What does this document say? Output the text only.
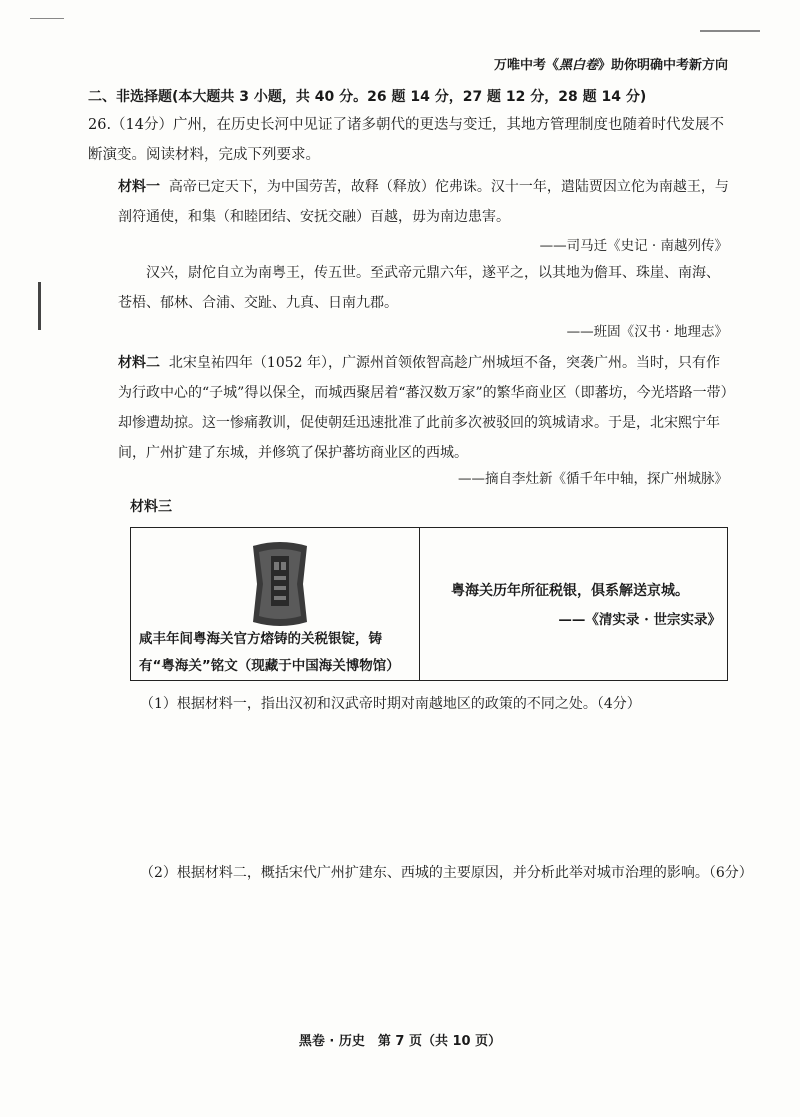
万唯中考《黑白卷》助你明确中考新方向
二、非选择题(本大题共 3 小题，共 40 分。26 题 14 分，27 题 12 分，28 题 14 分)
26.（14分）广州，在历史长河中见证了诸多朝代的更迭与变迁，其地方管理制度也随着时代发展不断演变。阅读材料，完成下列要求。
材料一 高帝已定天下，为中国劳苦，故释（释放）佗弗诛。汉十一年，遣陆贾因立佗为南越王，与剖符通使，和集（和睦团结、安抚交融）百越，毋为南边患害。
——司马迁《史记 · 南越列传》
汉兴，尉佗自立为南粤王，传五世。至武帝元鼎六年，遂平之，以其地为儋耳、珠崖、南海、苍梧、郁林、合浦、交趾、九真、日南九郡。
——班固《汉书 · 地理志》
材料二 北宋皇祐四年（1052 年），广源州首领侬智高趁广州城垣不备，突袭广州。当时，只有作为行政中心的“子城”得以保全，而城西聚居着“蕃汉数万家”的繁华商业区（即蕃坊，今光塔路一带）却惨遭劫掠。这一惨痛教训，促使朝廷迅速批准了此前多次被驳回的筑城请求。于是，北宋熙宁年间，广州扩建了东城，并修筑了保护蕃坊商业区的西城。
——摘自李灶新《循千年中轴，探广州城脉》
材料三
咸丰年间粤海关官方熔铸的关税银锭，铸有“粤海关”铭文（现藏于中国海关博物馆）
粤海关历年所征税银，俱系解送京城。
——《清实录 · 世宗实录》
（1）根据材料一，指出汉初和汉武帝时期对南越地区的政策的不同之处。（4分）
（2）根据材料二，概括宋代广州扩建东、西城的主要原因，并分析此举对城市治理的影响。（6分）
黑卷 · 历史　第 7 页（共 10 页）
